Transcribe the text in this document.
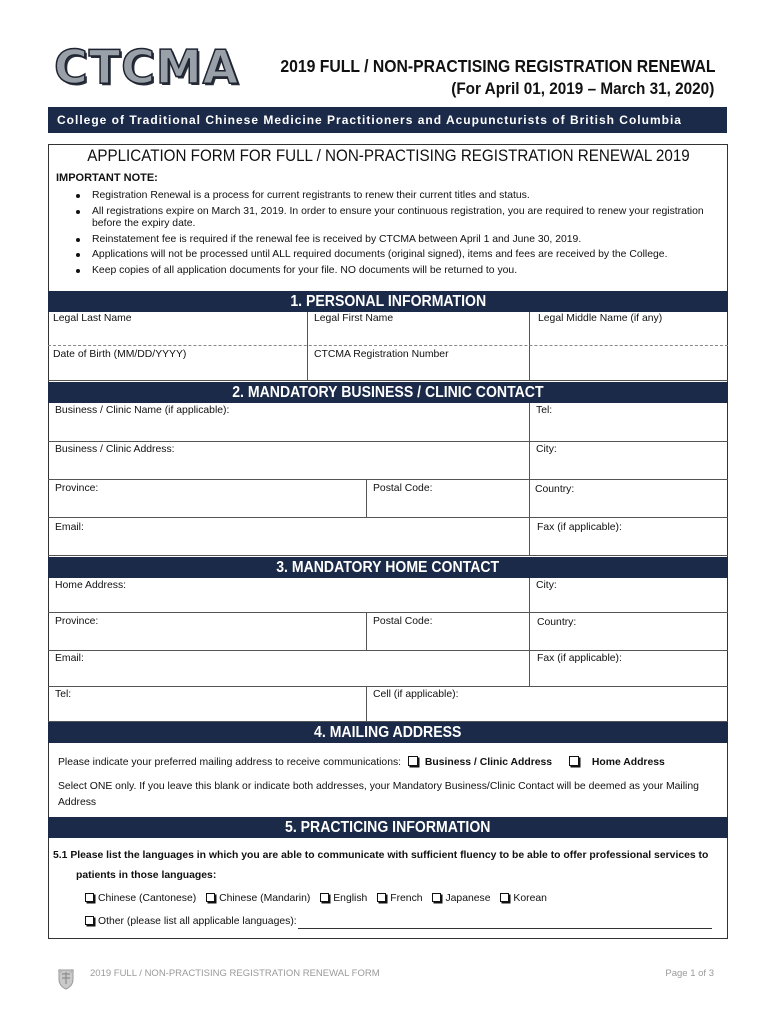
CTCMA 2019 FULL / NON-PRACTISING REGISTRATION RENEWAL
(For April 01, 2019 – March 31, 2020)
College of Traditional Chinese Medicine Practitioners and Acupuncturists of British Columbia
APPLICATION FORM FOR FULL / NON-PRACTISING REGISTRATION RENEWAL 2019
IMPORTANT NOTE:
Registration Renewal is a process for current registrants to renew their current titles and status.
All registrations expire on March 31, 2019. In order to ensure your continuous registration, you are required to renew your registration before the expiry date.
Reinstatement fee is required if the renewal fee is received by CTCMA between April 1 and June 30, 2019.
Applications will not be processed until ALL required documents (original signed), items and fees are received by the College.
Keep copies of all application documents for your file. NO documents will be returned to you.
1. PERSONAL INFORMATION
Legal Last Name	Legal First Name	Legal Middle Name (if any)
Date of Birth (MM/DD/YYYY)	CTCMA Registration Number
2. MANDATORY BUSINESS / CLINIC CONTACT
Business / Clinic Name (if applicable):	Tel:
Business / Clinic Address:	City:
Province:	Postal Code:	Country:
Email:	Fax (if applicable):
3. MANDATORY HOME CONTACT
Home Address:	City:
Province:	Postal Code:	Country:
Email:	Fax (if applicable):
Tel:	Cell (if applicable):
4. MAILING ADDRESS
Please indicate your preferred mailing address to receive communications: Business / Clinic Address	Home Address
Select ONE only. If you leave this blank or indicate both addresses, your Mandatory Business/Clinic Contact will be deemed as your Mailing Address
5. PRACTICING INFORMATION
5.1 Please list the languages in which you are able to communicate with sufficient fluency to be able to offer professional services to
patients in those languages:
Chinese (Cantonese) Chinese (Mandarin) English French Japanese Korean
Other (please list all applicable languages):
2019 FULL / NON-PRACTISING REGISTRATION RENEWAL FORM	Page 1 of 3
